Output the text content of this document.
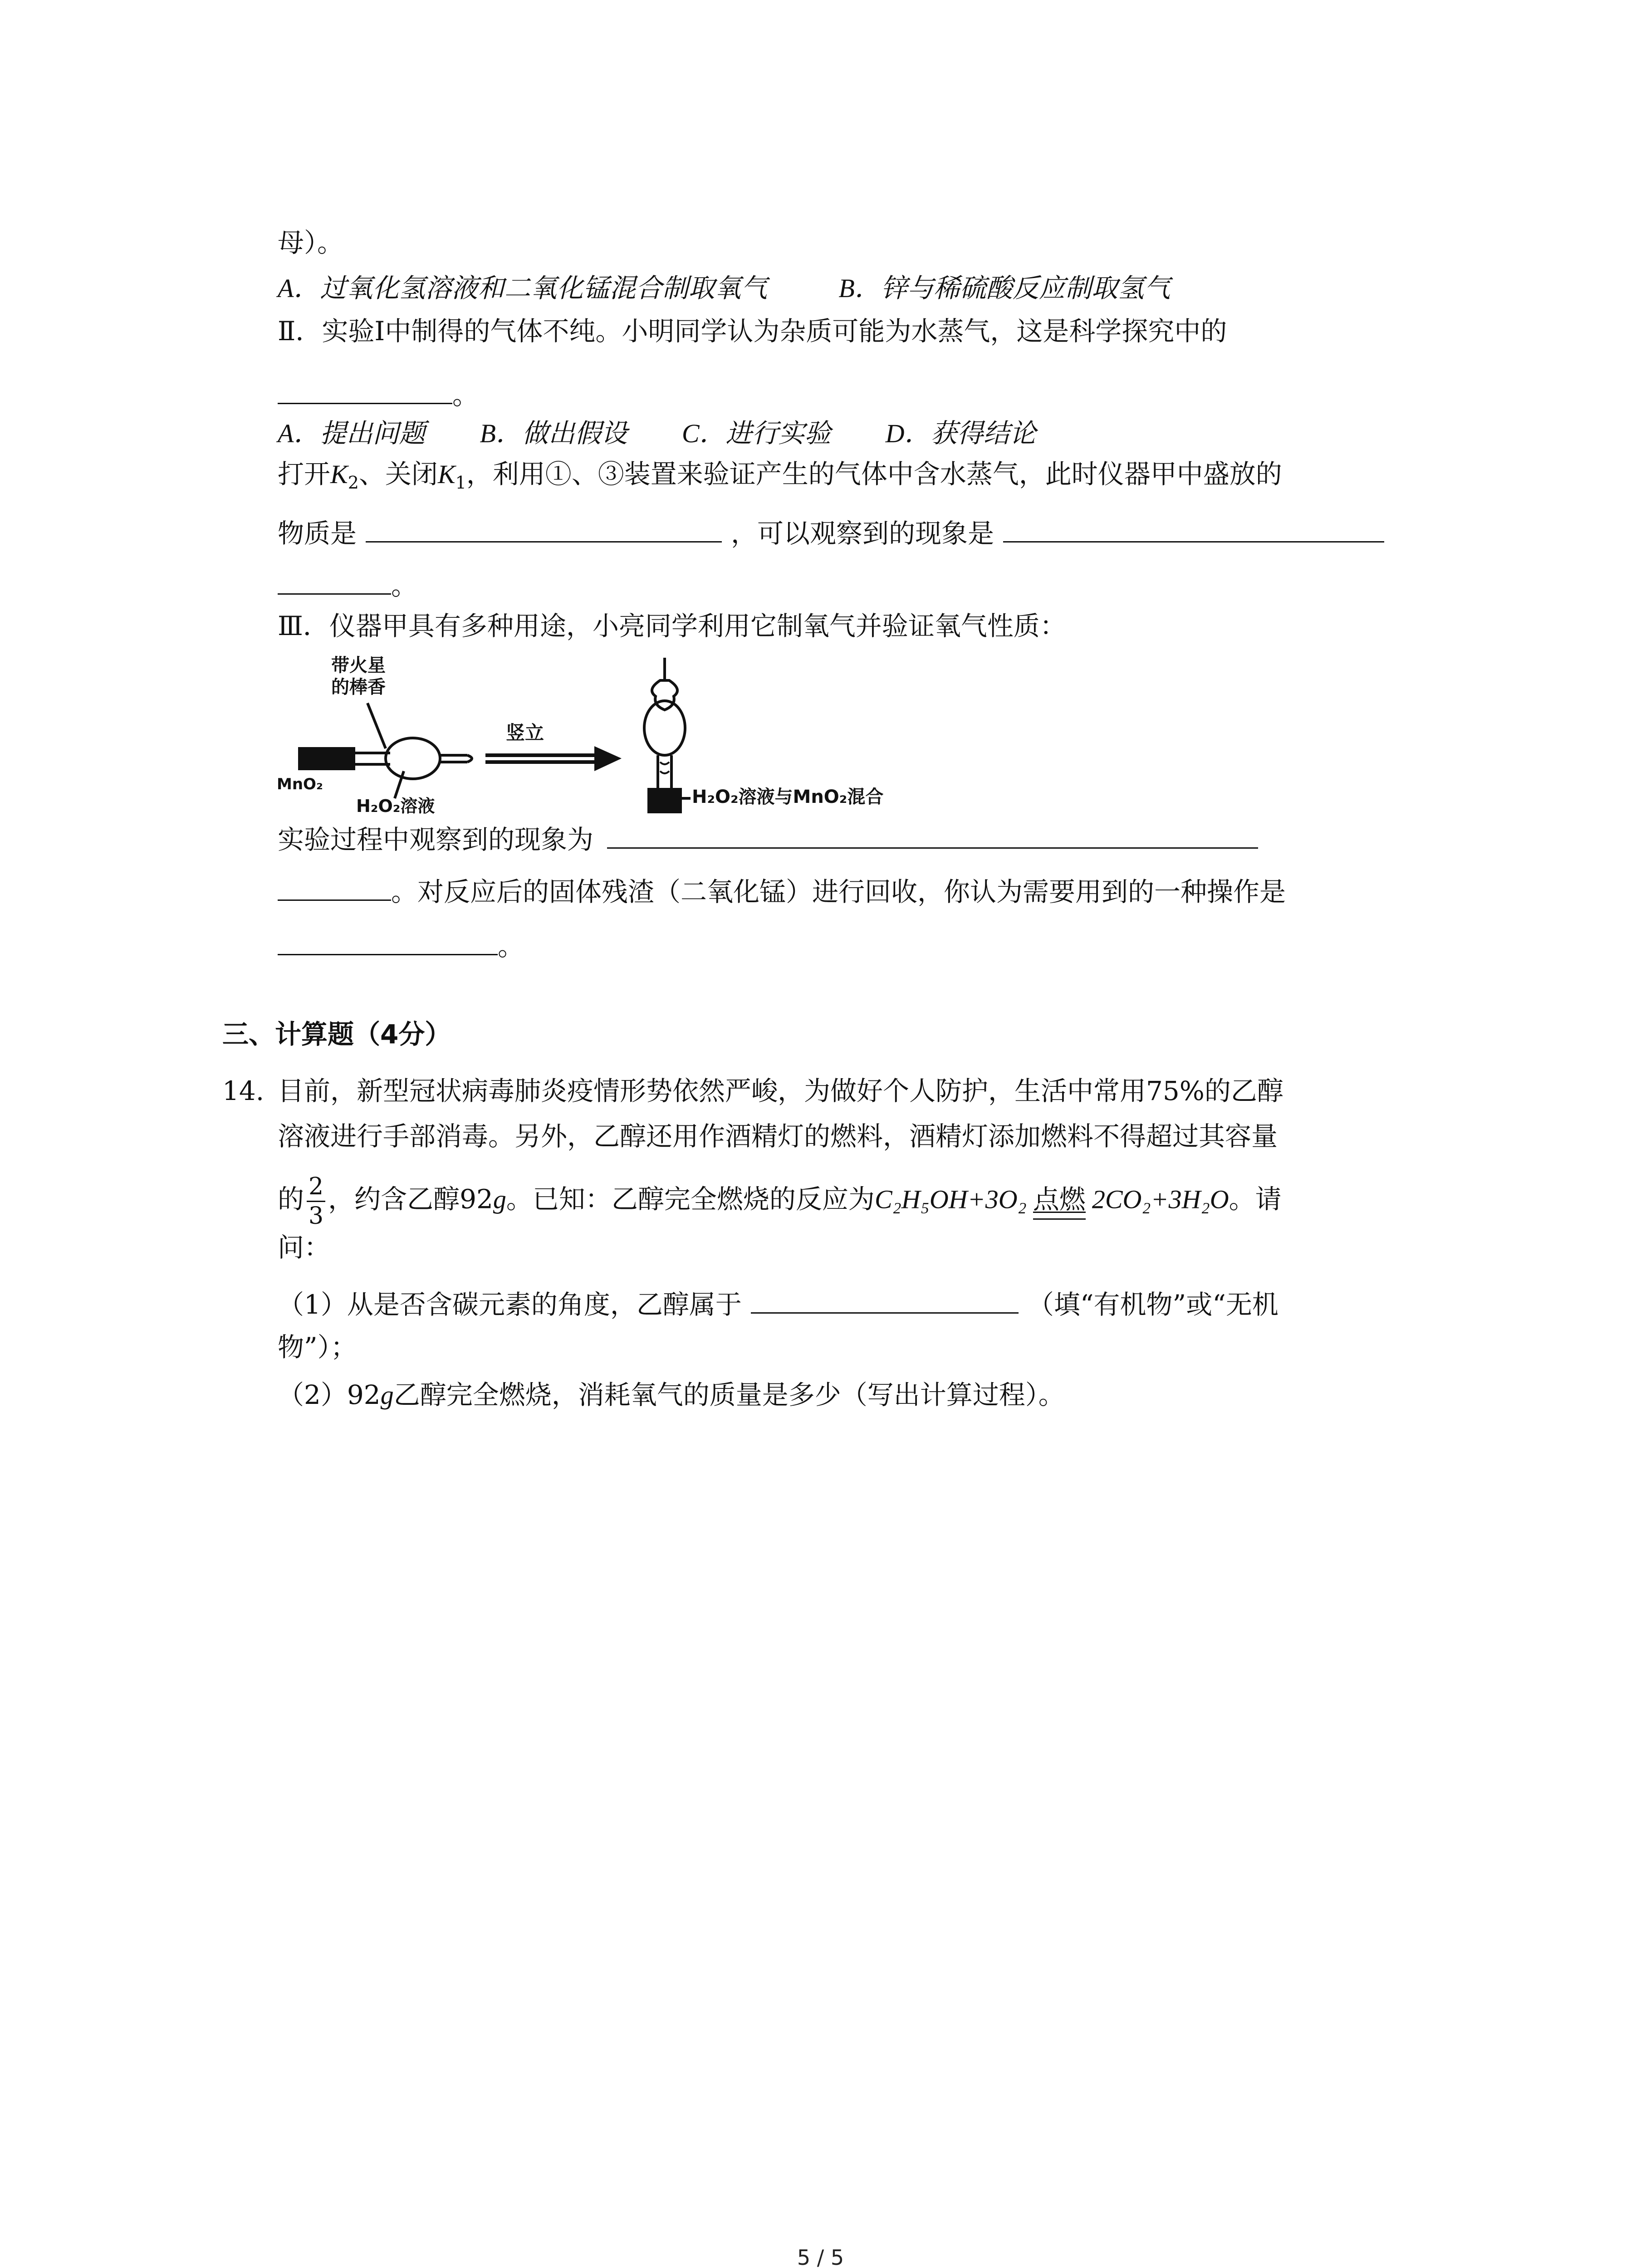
母）。
A．过氧化氢溶液和二氧化锰混合制取氧气	B．锌与稀硫酸反应制取氢气
Ⅱ．实验Ⅰ中制得的气体不纯。小明同学认为杂质可能为水蒸气，这是科学探究中的
。
A．提出问题 B．做出假设 C．进行实验 D．获得结论
打开$K_2$、关闭$K_1$，利用①、③装置来验证产生的气体中含水蒸气，此时仪器甲中盛放的
物质是	，可以观察到的现象是
。
Ⅲ．仪器甲具有多种用途，小亮同学利用它制氧气并验证氧气性质：
带火星
的棒香
MnO₂
H₂O₂溶液
竖立
H₂O₂溶液与MnO₂混合
实验过程中观察到的现象为
。对反应后的固体残渣（二氧化锰）进行回收，你认为需要用到的一种操作是
。
三、计算题（4分）
14. 目前，新型冠状病毒肺炎疫情形势依然严峻，为做好个人防护，生活中常用75%的乙醇
溶液进行手部消毒。另外，乙醇还用作酒精灯的燃料，酒精灯添加燃料不得超过其容量
的 $\frac{2}{3}$ ，约含乙醇92g。已知：乙醇完全燃烧的反应为C₂H₅OH+3O₂ 点燃 2CO₂+3H₂O。请
问：
（1）从是否含碳元素的角度，乙醇属于	（填“有机物”或“无机
物”）；
（2）92g乙醇完全燃烧，消耗氧气的质量是多少（写出计算过程）。
5 / 5
